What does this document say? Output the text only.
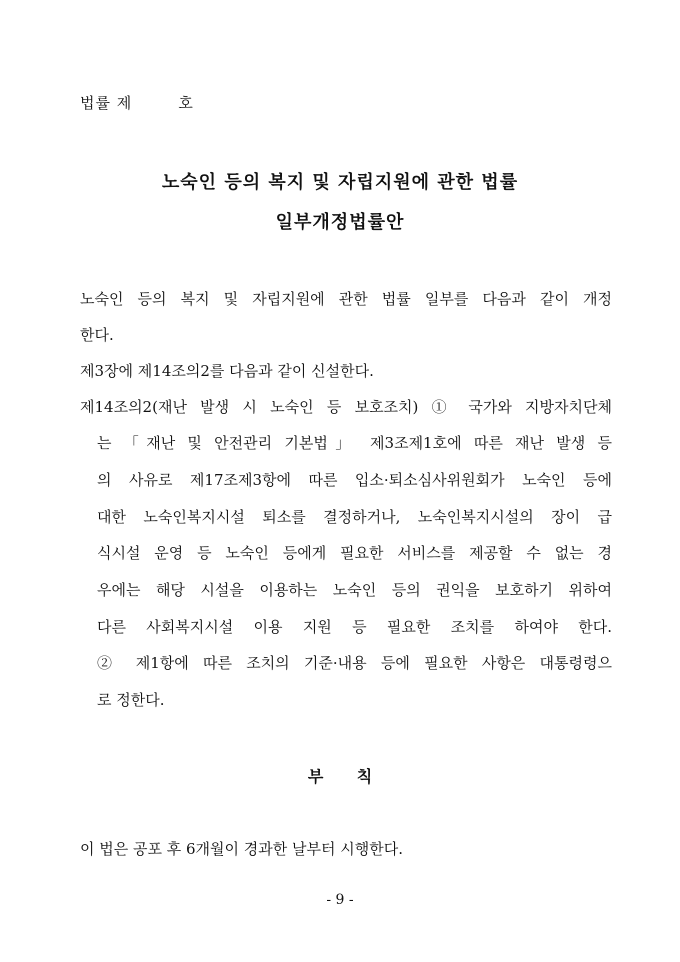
법률 제        호
노숙인 등의 복지 및 자립지원에 관한 법률
일부개정법률안
노숙인 등의 복지 및 자립지원에 관한 법률 일부를 다음과 같이 개정
한다.
제3장에 제14조의2를 다음과 같이 신설한다.
제14조의2(재난 발생 시 노숙인 등 보호조치) ① 국가와 지방자치단체
는 「재난 및 안전관리 기본법」 제3조제1호에 따른 재난 발생 등
의 사유로 제17조제3항에 따른 입소·퇴소심사위원회가 노숙인 등에
대한 노숙인복지시설 퇴소를 결정하거나, 노숙인복지시설의 장이 급
식시설 운영 등 노숙인 등에게 필요한 서비스를 제공할 수 없는 경
우에는 해당 시설을 이용하는 노숙인 등의 권익을 보호하기 위하여
다른 사회복지시설 이용 지원 등 필요한 조치를 하여야 한다.
② 제1항에 따른 조치의 기준·내용 등에 필요한 사항은 대통령령으
로 정한다.
부      칙
이 법은 공포 후 6개월이 경과한 날부터 시행한다.
- 9 -
